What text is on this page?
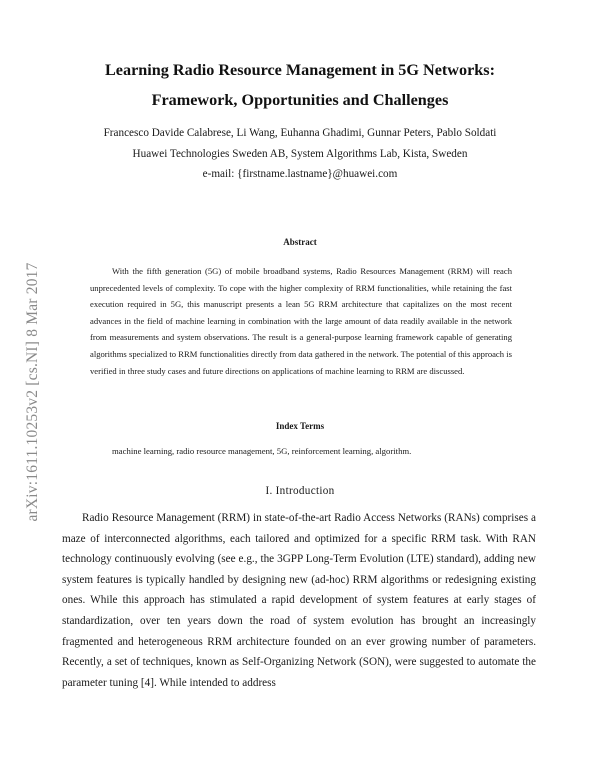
arXiv:1611.10253v2 [cs.NI] 8 Mar 2017
Learning Radio Resource Management in 5G Networks:
Framework, Opportunities and Challenges
Francesco Davide Calabrese, Li Wang, Euhanna Ghadimi, Gunnar Peters, Pablo Soldati
Huawei Technologies Sweden AB, System Algorithms Lab, Kista, Sweden
e-mail: {firstname.lastname}@huawei.com
Abstract
With the fifth generation (5G) of mobile broadband systems, Radio Resources Management (RRM) will reach unprecedented levels of complexity. To cope with the higher complexity of RRM functionalities, while retaining the fast execution required in 5G, this manuscript presents a lean 5G RRM architecture that capitalizes on the most recent advances in the field of machine learning in combination with the large amount of data readily available in the network from measurements and system observations. The result is a general-purpose learning framework capable of generating algorithms specialized to RRM functionalities directly from data gathered in the network. The potential of this approach is verified in three study cases and future directions on applications of machine learning to RRM are discussed.
Index Terms
machine learning, radio resource management, 5G, reinforcement learning, algorithm.
I. Introduction
Radio Resource Management (RRM) in state-of-the-art Radio Access Networks (RANs) comprises a maze of interconnected algorithms, each tailored and optimized for a specific RRM task. With RAN technology continuously evolving (see e.g., the 3GPP Long-Term Evolution (LTE) standard), adding new system features is typically handled by designing new (ad-hoc) RRM algorithms or redesigning existing ones. While this approach has stimulated a rapid development of system features at early stages of standardization, over ten years down the road of system evolution has brought an increasingly fragmented and heterogeneous RRM architecture founded on an ever growing number of parameters. Recently, a set of techniques, known as Self-Organizing Network (SON), were suggested to automate the parameter tuning [4]. While intended to address
